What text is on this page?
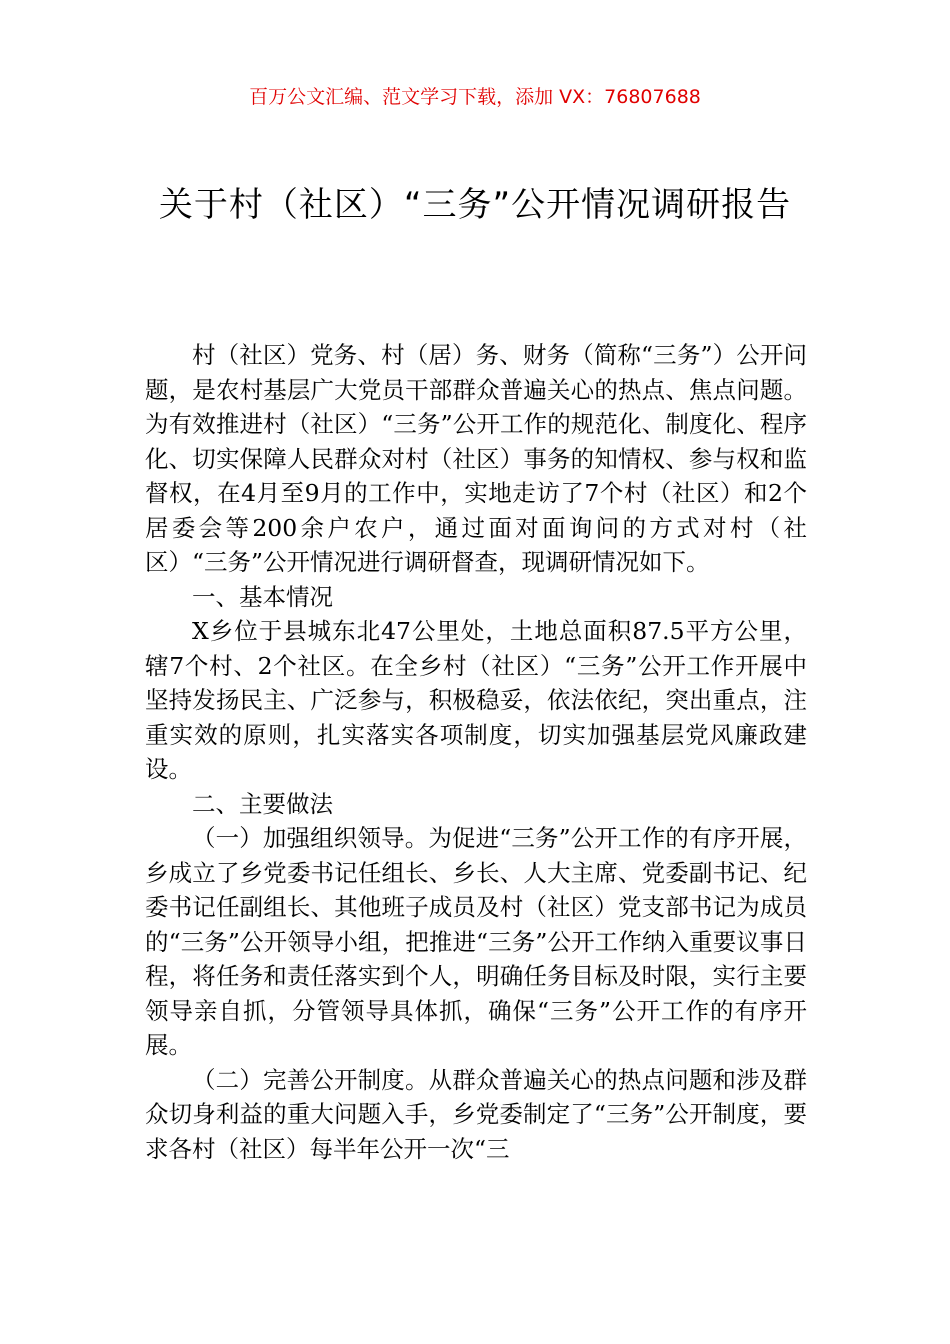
百万公文汇编、范文学习下载，添加 VX：76807688
关于村（社区）“三务”公开情况调研报告

村（社区）党务、村（居）务、财务（简称“三务”）公开问题，是农村基层广大党员干部群众普遍关心的热点、焦点问题。为有效推进村（社区）“三务”公开工作的规范化、制度化、程序化、切实保障人民群众对村（社区）事务的知情权、参与权和监督权，在4月至9月的工作中，实地走访了7个村（社区）和2个居委会等200余户农户，通过面对面询问的方式对村（社区）“三务”公开情况进行调研督查，现调研情况如下。

一、基本情况

X乡位于县城东北47公里处，土地总面积87.5平方公里，辖7个村、2个社区。在全乡村（社区）“三务”公开工作开展中坚持发扬民主、广泛参与，积极稳妥，依法依纪，突出重点，注重实效的原则，扎实落实各项制度，切实加强基层党风廉政建设。

二、主要做法

（一）加强组织领导。为促进“三务”公开工作的有序开展，乡成立了乡党委书记任组长、乡长、人大主席、党委副书记、纪委书记任副组长、其他班子成员及村（社区）党支部书记为成员的“三务”公开领导小组，把推进“三务”公开工作纳入重要议事日程，将任务和责任落实到个人，明确任务目标及时限，实行主要领导亲自抓，分管领导具体抓，确保“三务”公开工作的有序开展。

（二）完善公开制度。从群众普遍关心的热点问题和涉及群众切身利益的重大问题入手，乡党委制定了“三务”公开制度，要求各村（社区）每半年公开一次“三
